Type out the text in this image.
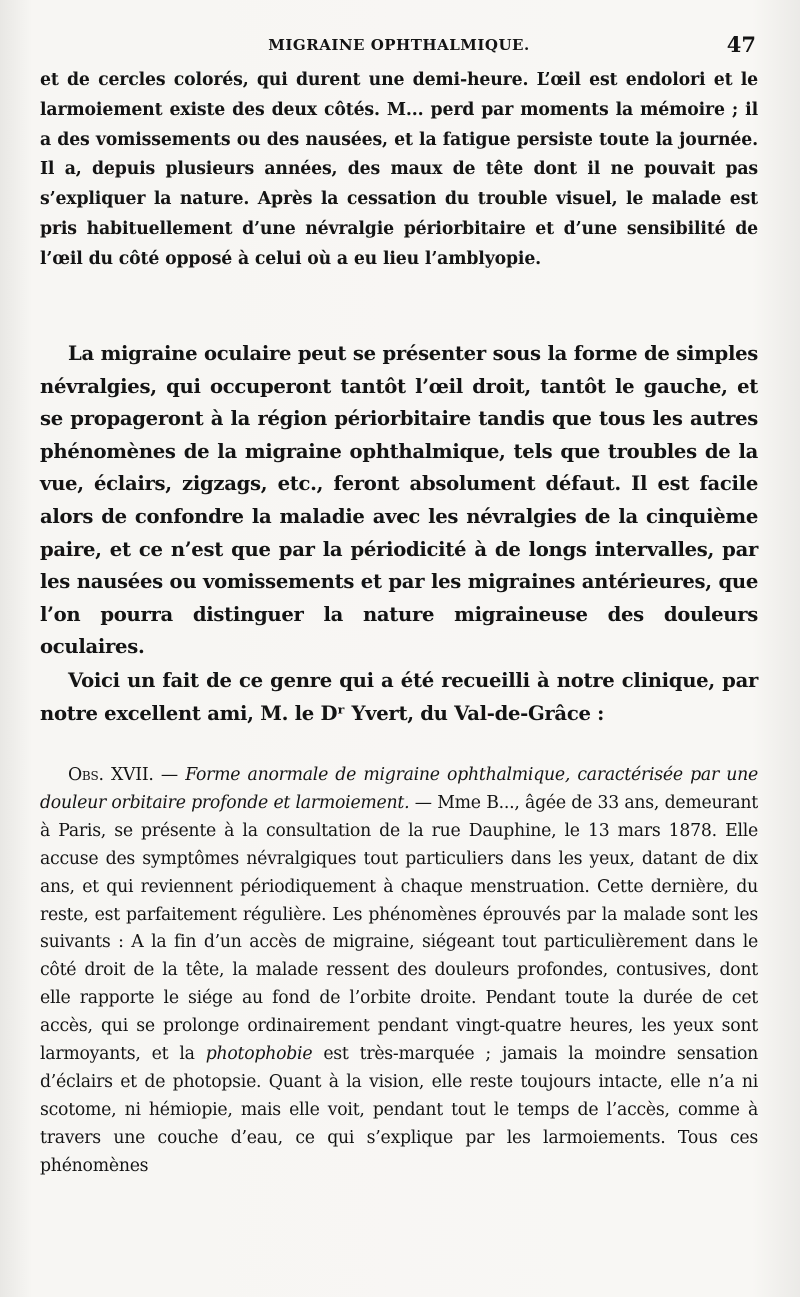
MIGRAINE OPHTHALMIQUE.	47

et de cercles colorés, qui durent une demi-heure. L’œil est endolori et le larmoiement existe des deux côtés. M... perd par moments la mémoire ; il a des vomissements ou des nausées, et la fatigue persiste toute la journée. Il a, depuis plusieurs années, des maux de tête dont il ne pouvait pas s’expliquer la nature. Après la cessation du trouble visuel, le malade est pris habituellement d’une névralgie périorbitaire et d’une sensibilité de l’œil du côté opposé à celui où a eu lieu l’amblyopie.

La migraine oculaire peut se présenter sous la forme de simples névralgies, qui occuperont tantôt l’œil droit, tantôt le gauche, et se propageront à la région périorbitaire tandis que tous les autres phénomènes de la migraine ophthalmique, tels que troubles de la vue, éclairs, zigzags, etc., feront absolument défaut. Il est facile alors de confondre la maladie avec les névralgies de la cinquième paire, et ce n’est que par la périodicité à de longs intervalles, par les nausées ou vomissements et par les migraines antérieures, que l’on pourra distinguer la nature migraineuse des douleurs oculaires.

Voici un fait de ce genre qui a été recueilli à notre clinique, par notre excellent ami, M. le Dʳ Yvert, du Val-de-Grâce :

Obs. XVII. — Forme anormale de migraine ophthalmique, caractérisée par une douleur orbitaire profonde et larmoiement. — Mme B..., âgée de 33 ans, demeurant à Paris, se présente à la consultation de la rue Dauphine, le 13 mars 1878. Elle accuse des symptômes névralgiques tout particuliers dans les yeux, datant de dix ans, et qui reviennent périodiquement à chaque menstruation. Cette dernière, du reste, est parfaitement régulière. Les phénomènes éprouvés par la malade sont les suivants : A la fin d’un accès de migraine, siégeant tout particulièrement dans le côté droit de la tête, la malade ressent des douleurs profondes, contusives, dont elle rapporte le siége au fond de l’orbite droite. Pendant toute la durée de cet accès, qui se prolonge ordinairement pendant vingt-quatre heures, les yeux sont larmoyants, et la photophobie est très-marquée ; jamais la moindre sensation d’éclairs et de photopsie. Quant à la vision, elle reste toujours intacte, elle n’a ni scotome, ni hémiopie, mais elle voit, pendant tout le temps de l’accès, comme à travers une couche d’eau, ce qui s’explique par les larmoiements. Tous ces phénomènes
